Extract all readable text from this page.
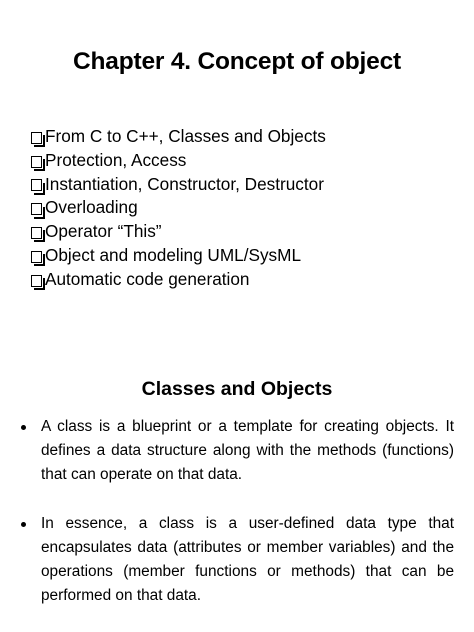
Chapter 4. Concept of object
From C to C++, Classes and Objects
Protection, Access
Instantiation, Constructor, Destructor
Overloading
Operator “This”
Object and modeling UML/SysML
Automatic code generation
Classes and Objects
A class is a blueprint or a template for creating objects. It defines a data structure along with the methods (functions) that can operate on that data.
In essence, a class is a user-defined data type that encapsulates data (attributes or member variables) and the operations (member functions or methods) that can be performed on that data.
